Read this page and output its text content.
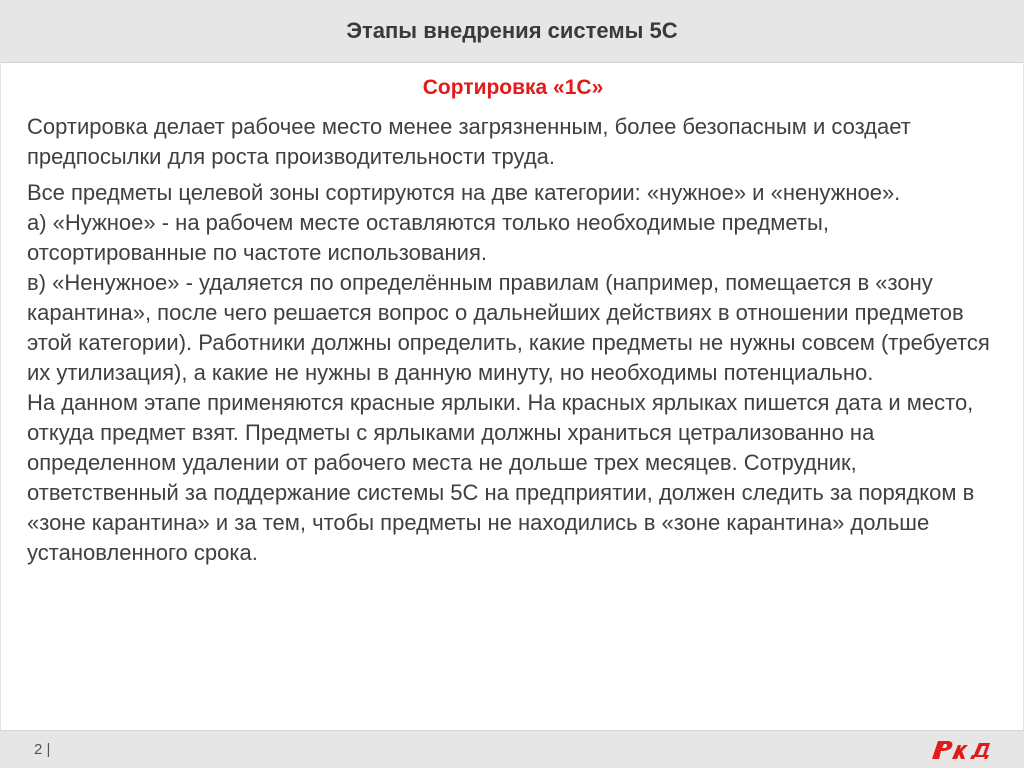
Этапы внедрения системы 5С
Сортировка «1С»

Сортировка делает рабочее место менее загрязненным, более безопасным и создает предпосылки для роста производительности труда.

Все предметы целевой зоны сортируются на две категории: «нужное» и «ненужное».

а) «Нужное» - на рабочем месте оставляются только необходимые предметы, отсортированные по частоте использования.

в) «Ненужное» - удаляется по определённым правилам (например, помещается в «зону карантина», после чего решается вопрос о дальнейших действиях в отношении предметов этой категории). Работники должны определить, какие предметы не нужны совсем (требуется их утилизация), а какие не нужны в данную минуту, но необходимы потенциально.

На данном этапе применяются красные ярлыки. На красных ярлыках пишется дата и место, откуда предмет взят. Предметы с ярлыками должны храниться цетрализованно на определенном удалении от рабочего места не дольше трех месяцев. Сотрудник, ответственный за поддержание системы 5С на предприятии, должен следить за порядком в «зоне карантина» и за тем, чтобы предметы не находились в «зоне карантина» дольше установленного срока.

2 |
